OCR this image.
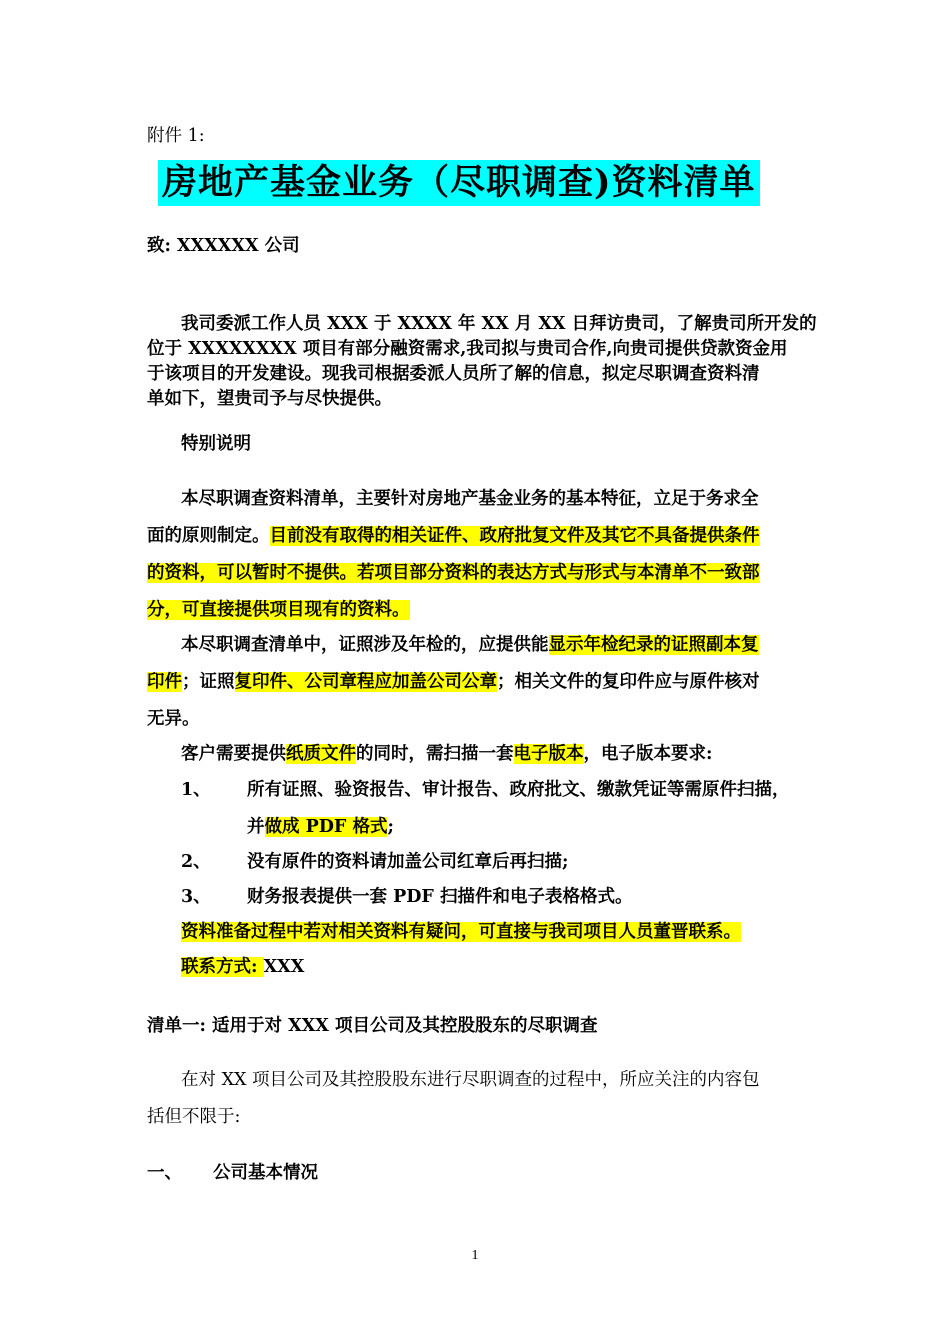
附件 1:
房地产基金业务（尽职调查)资料清单
致: XXXXXX 公司
我司委派工作人员 XXX 于 XXXX 年 XX 月 XX 日拜访贵司，了解贵司所开发的
位于 XXXXXXXX 项目有部分融资需求,我司拟与贵司合作,向贵司提供贷款资金用
于该项目的开发建设。现我司根据委派人员所了解的信息，拟定尽职调查资料清
单如下，望贵司予与尽快提供。
特别说明
本尽职调查资料清单，主要针对房地产基金业务的基本特征，立足于务求全
面的原则制定。目前没有取得的相关证件、政府批复文件及其它不具备提供条件
的资料，可以暂时不提供。若项目部分资料的表达方式与形式与本清单不一致部
分，可直接提供项目现有的资料。
本尽职调查清单中，证照涉及年检的，应提供能显示年检纪录的证照副本复
印件；证照复印件、公司章程应加盖公司公章；相关文件的复印件应与原件核对
无异。
客户需要提供纸质文件的同时，需扫描一套电子版本，电子版本要求:
1、 所有证照、验资报告、审计报告、政府批文、缴款凭证等需原件扫描，
并做成 PDF 格式;
2、 没有原件的资料请加盖公司红章后再扫描;
3、 财务报表提供一套 PDF 扫描件和电子表格格式。
资料准备过程中若对相关资料有疑问，可直接与我司项目人员董晋联系。
联系方式: XXX
清单一: 适用于对 XXX 项目公司及其控股股东的尽职调查
在对 XX 项目公司及其控股股东进行尽职调查的过程中，所应关注的内容包
括但不限于:
一、 公司基本情况
1
